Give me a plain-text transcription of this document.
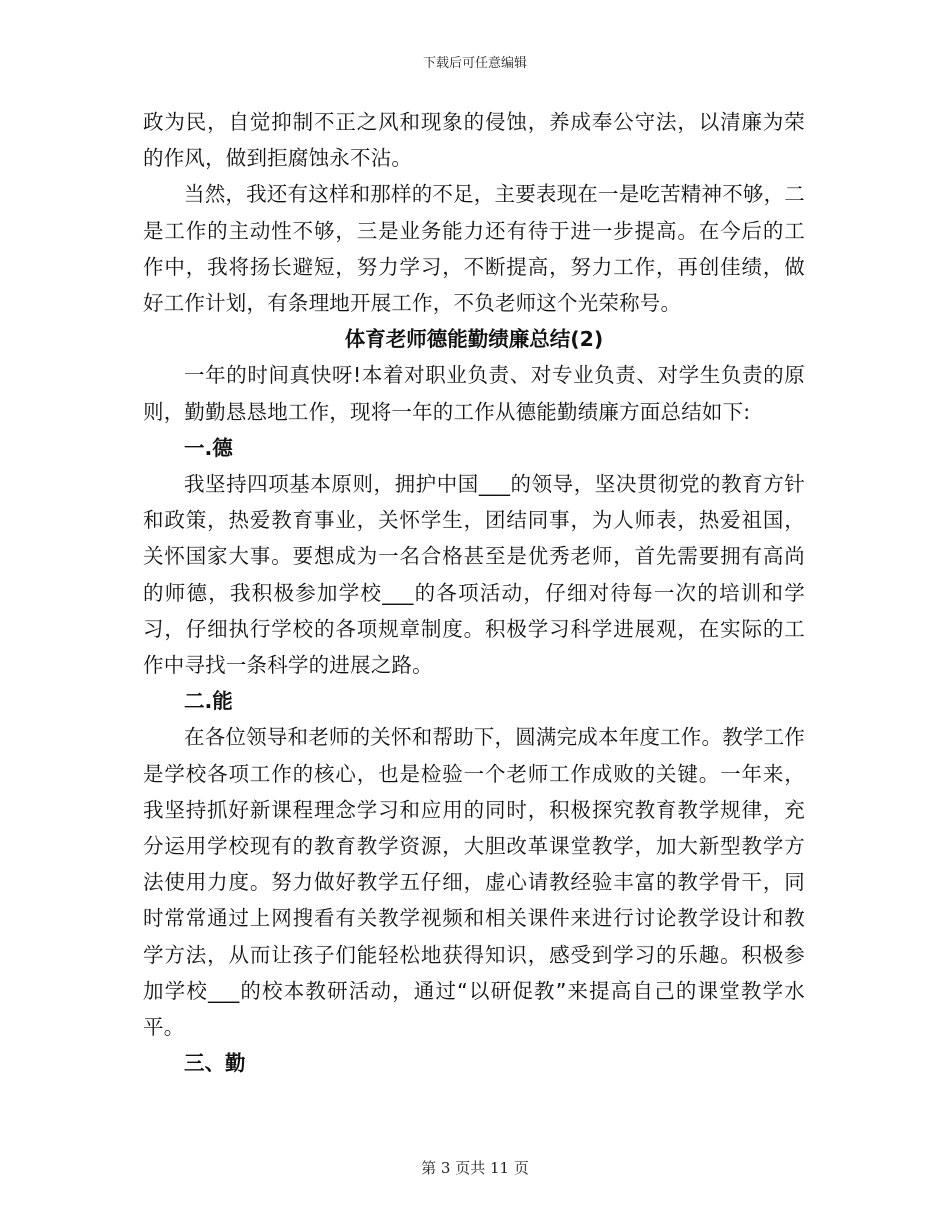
下载后可任意编辑

政为民，自觉抑制不正之风和现象的侵蚀，养成奉公守法，以清廉为荣的作风，做到拒腐蚀永不沾。

当然，我还有这样和那样的不足，主要表现在一是吃苦精神不够，二是工作的主动性不够，三是业务能力还有待于进一步提高。在今后的工作中，我将扬长避短，努力学习，不断提高，努力工作，再创佳绩，做好工作计划，有条理地开展工作，不负老师这个光荣称号。

体育老师德能勤绩廉总结(2)

一年的时间真快呀!本着对职业负责、对专业负责、对学生负责的原则，勤勤恳恳地工作，现将一年的工作从德能勤绩廉方面总结如下:

一.德

我坚持四项基本原则，拥护中国___的领导，坚决贯彻党的教育方针和政策，热爱教育事业，关怀学生，团结同事，为人师表，热爱祖国，关怀国家大事。要想成为一名合格甚至是优秀老师，首先需要拥有高尚的师德，我积极参加学校___的各项活动，仔细对待每一次的培训和学习，仔细执行学校的各项规章制度。积极学习科学进展观，在实际的工作中寻找一条科学的进展之路。

二.能

在各位领导和老师的关怀和帮助下，圆满完成本年度工作。教学工作是学校各项工作的核心，也是检验一个老师工作成败的关键。一年来，我坚持抓好新课程理念学习和应用的同时，积极探究教育教学规律，充分运用学校现有的教育教学资源，大胆改革课堂教学，加大新型教学方法使用力度。努力做好教学五仔细，虚心请教经验丰富的教学骨干，同时常常通过上网搜看有关教学视频和相关课件来进行讨论教学设计和教学方法，从而让孩子们能轻松地获得知识，感受到学习的乐趣。积极参加学校___的校本教研活动，通过“以研促教”来提高自己的课堂教学水平。

三、勤

第 3 页共 11 页
